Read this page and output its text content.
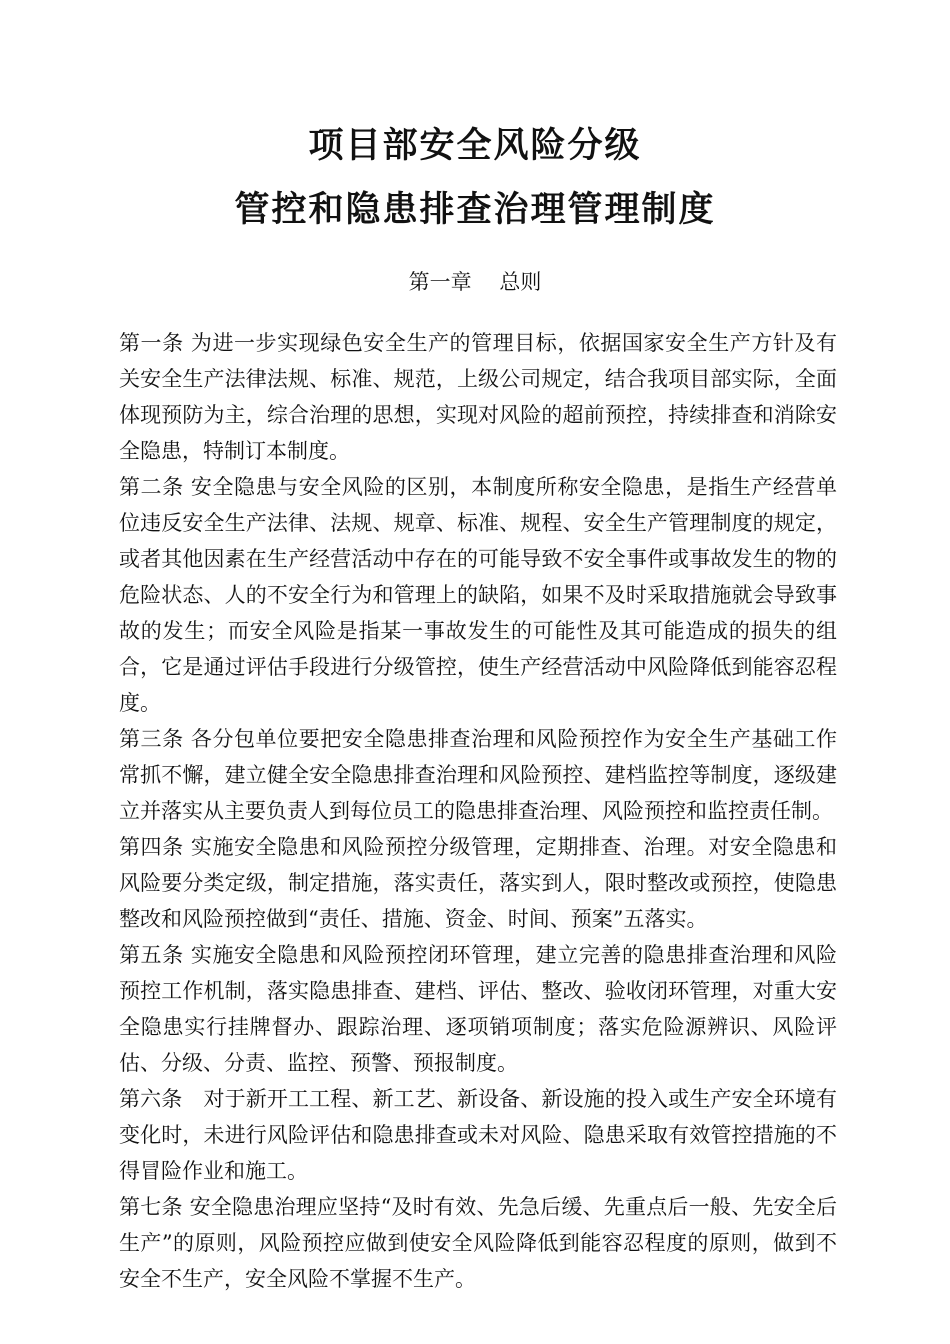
项目部安全风险分级
管控和隐患排查治理管理制度
第一章　 总则

第一条 为进一步实现绿色安全生产的管理目标，依据国家安全生产方针及有关安全生产法律法规、标准、规范，上级公司规定，结合我项目部实际，全面体现预防为主，综合治理的思想，实现对风险的超前预控，持续排查和消除安全隐患，特制订本制度。

第二条 安全隐患与安全风险的区别，本制度所称安全隐患，是指生产经营单位违反安全生产法律、法规、规章、标准、规程、安全生产管理制度的规定，或者其他因素在生产经营活动中存在的可能导致不安全事件或事故发生的物的危险状态、人的不安全行为和管理上的缺陷，如果不及时采取措施就会导致事故的发生；而安全风险是指某一事故发生的可能性及其可能造成的损失的组合，它是通过评估手段进行分级管控，使生产经营活动中风险降低到能容忍程度。

第三条 各分包单位要把安全隐患排查治理和风险预控作为安全生产基础工作常抓不懈，建立健全安全隐患排查治理和风险预控、建档监控等制度，逐级建立并落实从主要负责人到每位员工的隐患排查治理、风险预控和监控责任制。

第四条 实施安全隐患和风险预控分级管理，定期排查、治理。对安全隐患和风险要分类定级，制定措施，落实责任，落实到人，限时整改或预控，使隐患整改和风险预控做到“责任、措施、资金、时间、预案”五落实。

第五条 实施安全隐患和风险预控闭环管理，建立完善的隐患排查治理和风险预控工作机制，落实隐患排查、建档、评估、整改、验收闭环管理，对重大安全隐患实行挂牌督办、跟踪治理、逐项销项制度；落实危险源辨识、风险评估、分级、分责、监控、预警、预报制度。

第六条　对于新开工工程、新工艺、新设备、新设施的投入或生产安全环境有变化时，未进行风险评估和隐患排查或未对风险、隐患采取有效管控措施的不得冒险作业和施工。

第七条 安全隐患治理应坚持“及时有效、先急后缓、先重点后一般、先安全后生产”的原则，风险预控应做到使安全风险降低到能容忍程度的原则，做到不安全不生产，安全风险不掌握不生产。
